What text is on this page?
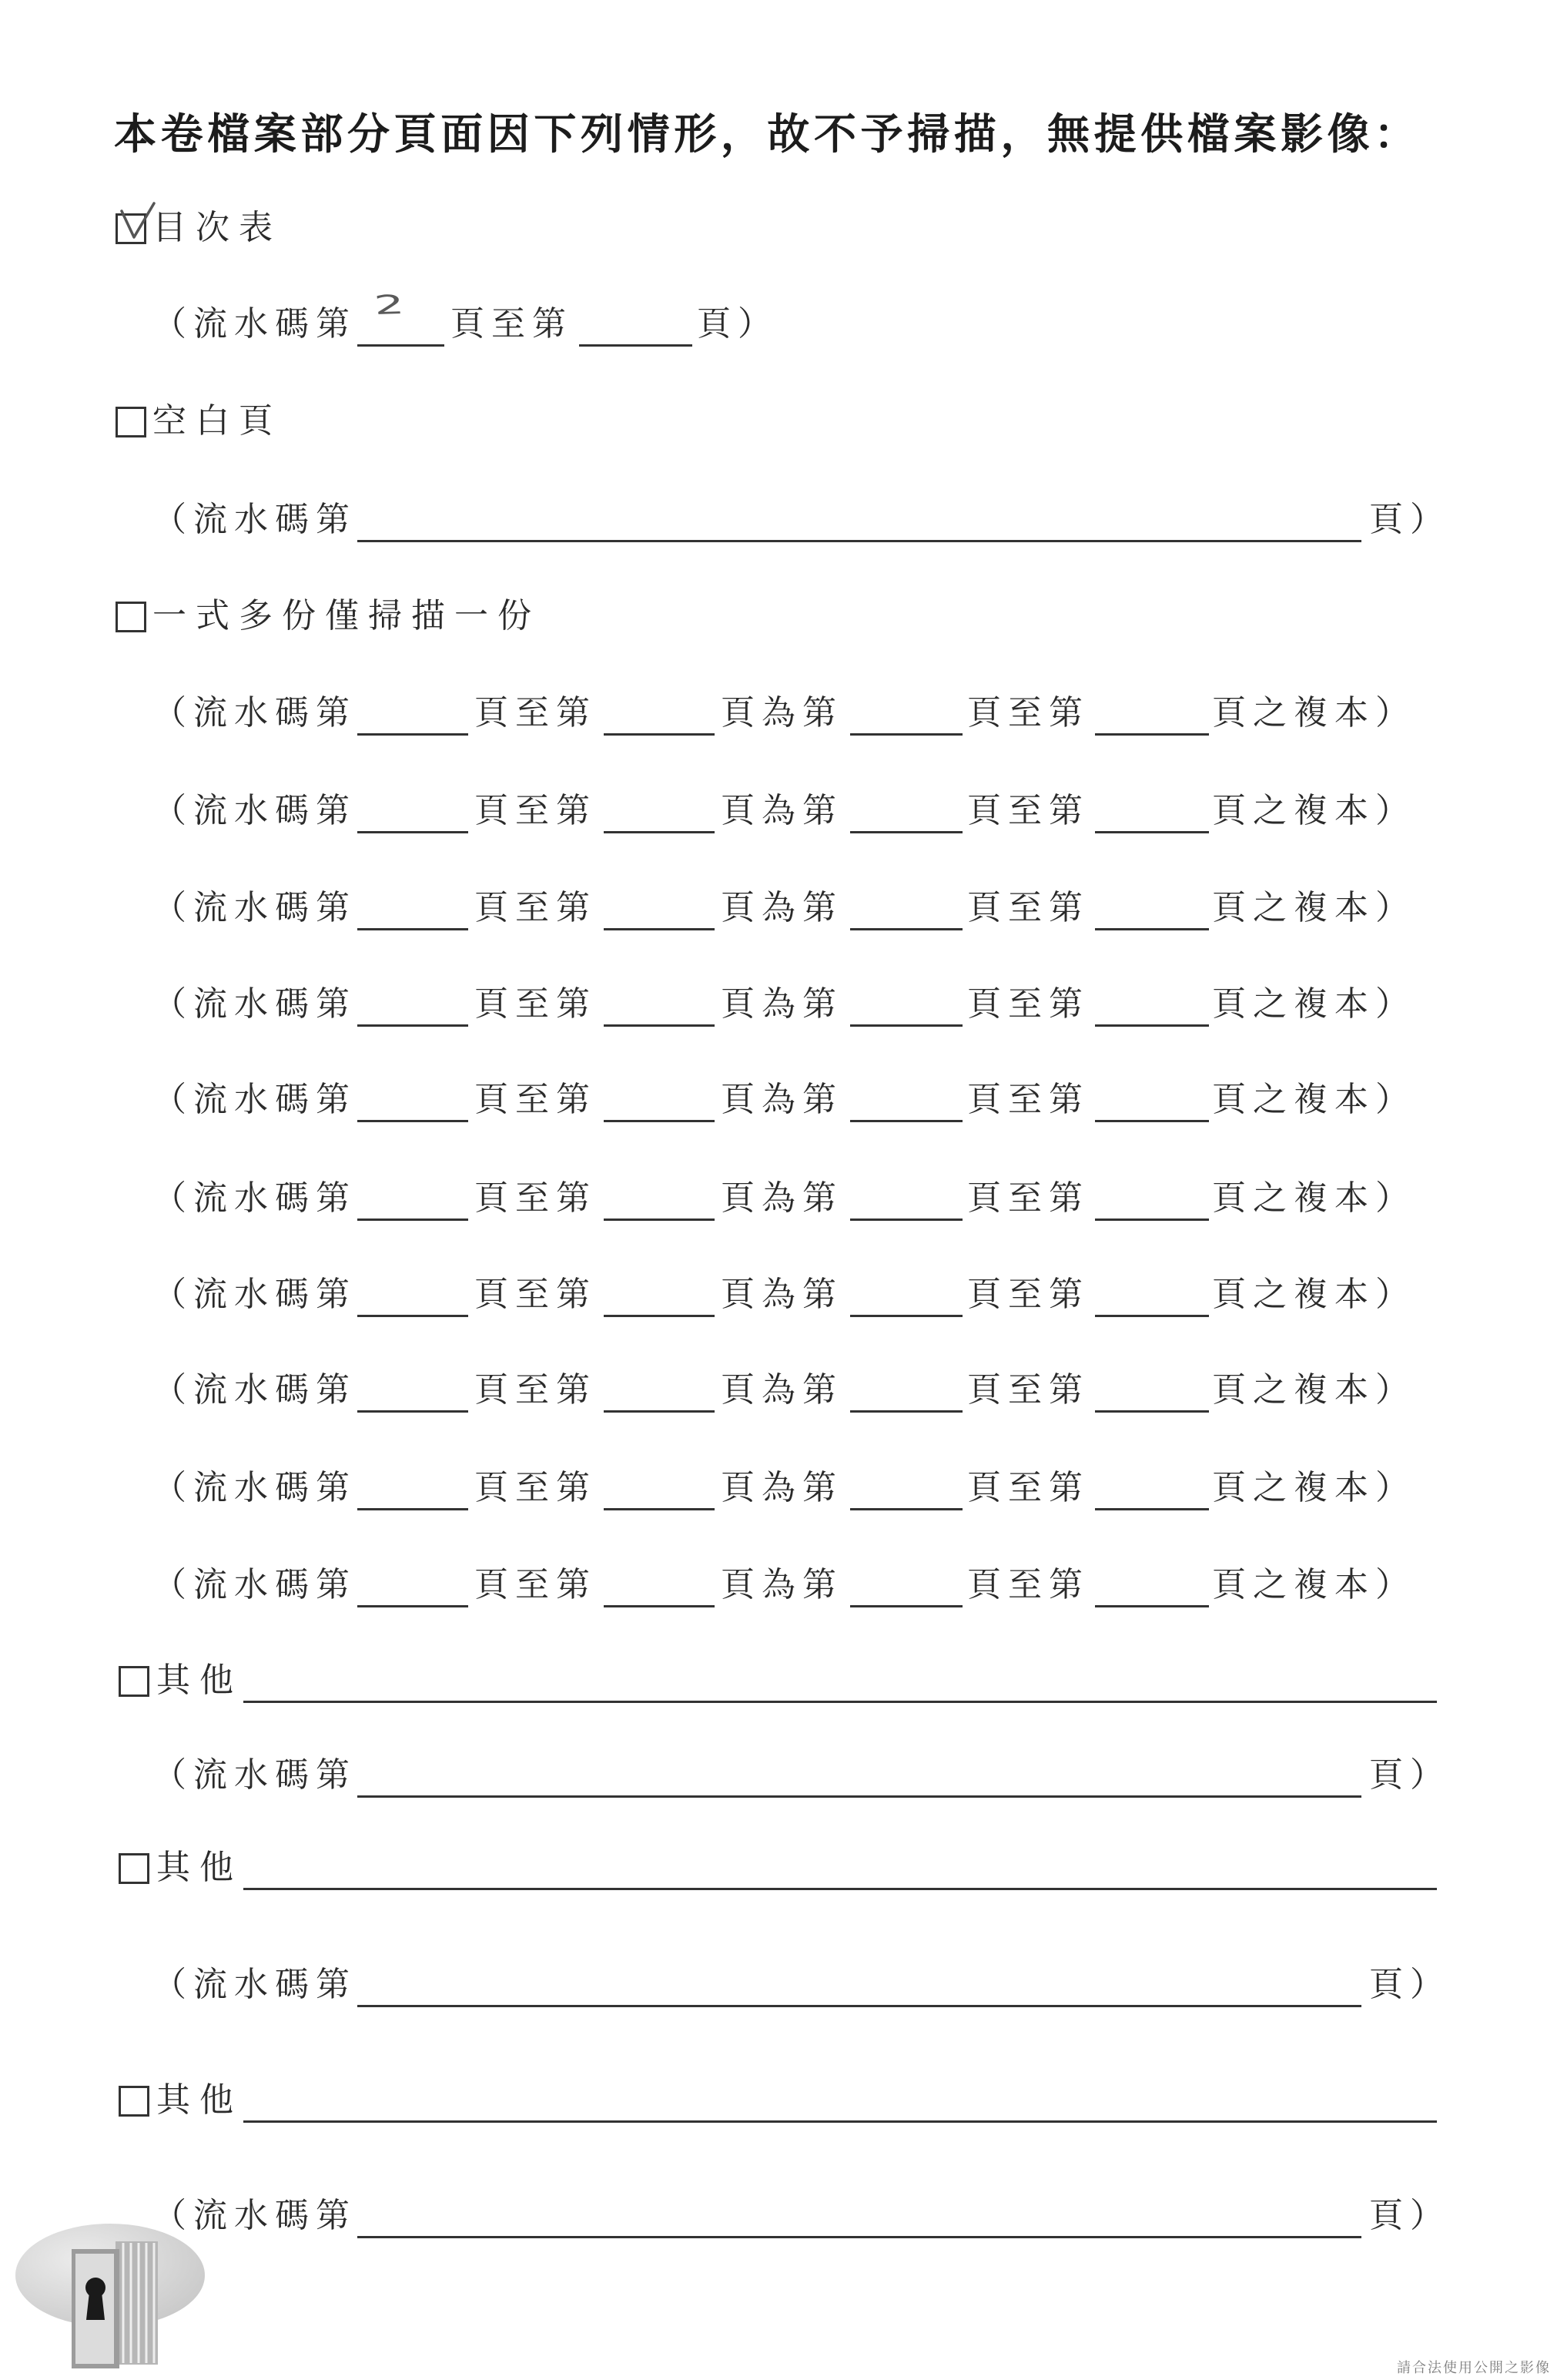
本卷檔案部分頁面因下列情形，故不予掃描，無提供檔案影像：
目次表
（流水碼第 2 頁至第	頁）
空白頁
（流水碼第	頁）
一式多份僅掃描一份
（流水碼第	頁至第	頁為第	頁至第	頁之複本）
（流水碼第	頁至第	頁為第	頁至第	頁之複本）
（流水碼第	頁至第	頁為第	頁至第	頁之複本）
（流水碼第	頁至第	頁為第	頁至第	頁之複本）
（流水碼第	頁至第	頁為第	頁至第	頁之複本）
（流水碼第	頁至第	頁為第	頁至第	頁之複本）
（流水碼第	頁至第	頁為第	頁至第	頁之複本）
（流水碼第	頁至第	頁為第	頁至第	頁之複本）
（流水碼第	頁至第	頁為第	頁至第	頁之複本）
（流水碼第	頁至第	頁為第	頁至第	頁之複本）
其他
（流水碼第	頁）
其他
（流水碼第	頁）
其他
（流水碼第	頁）
請合法使用公開之影像
